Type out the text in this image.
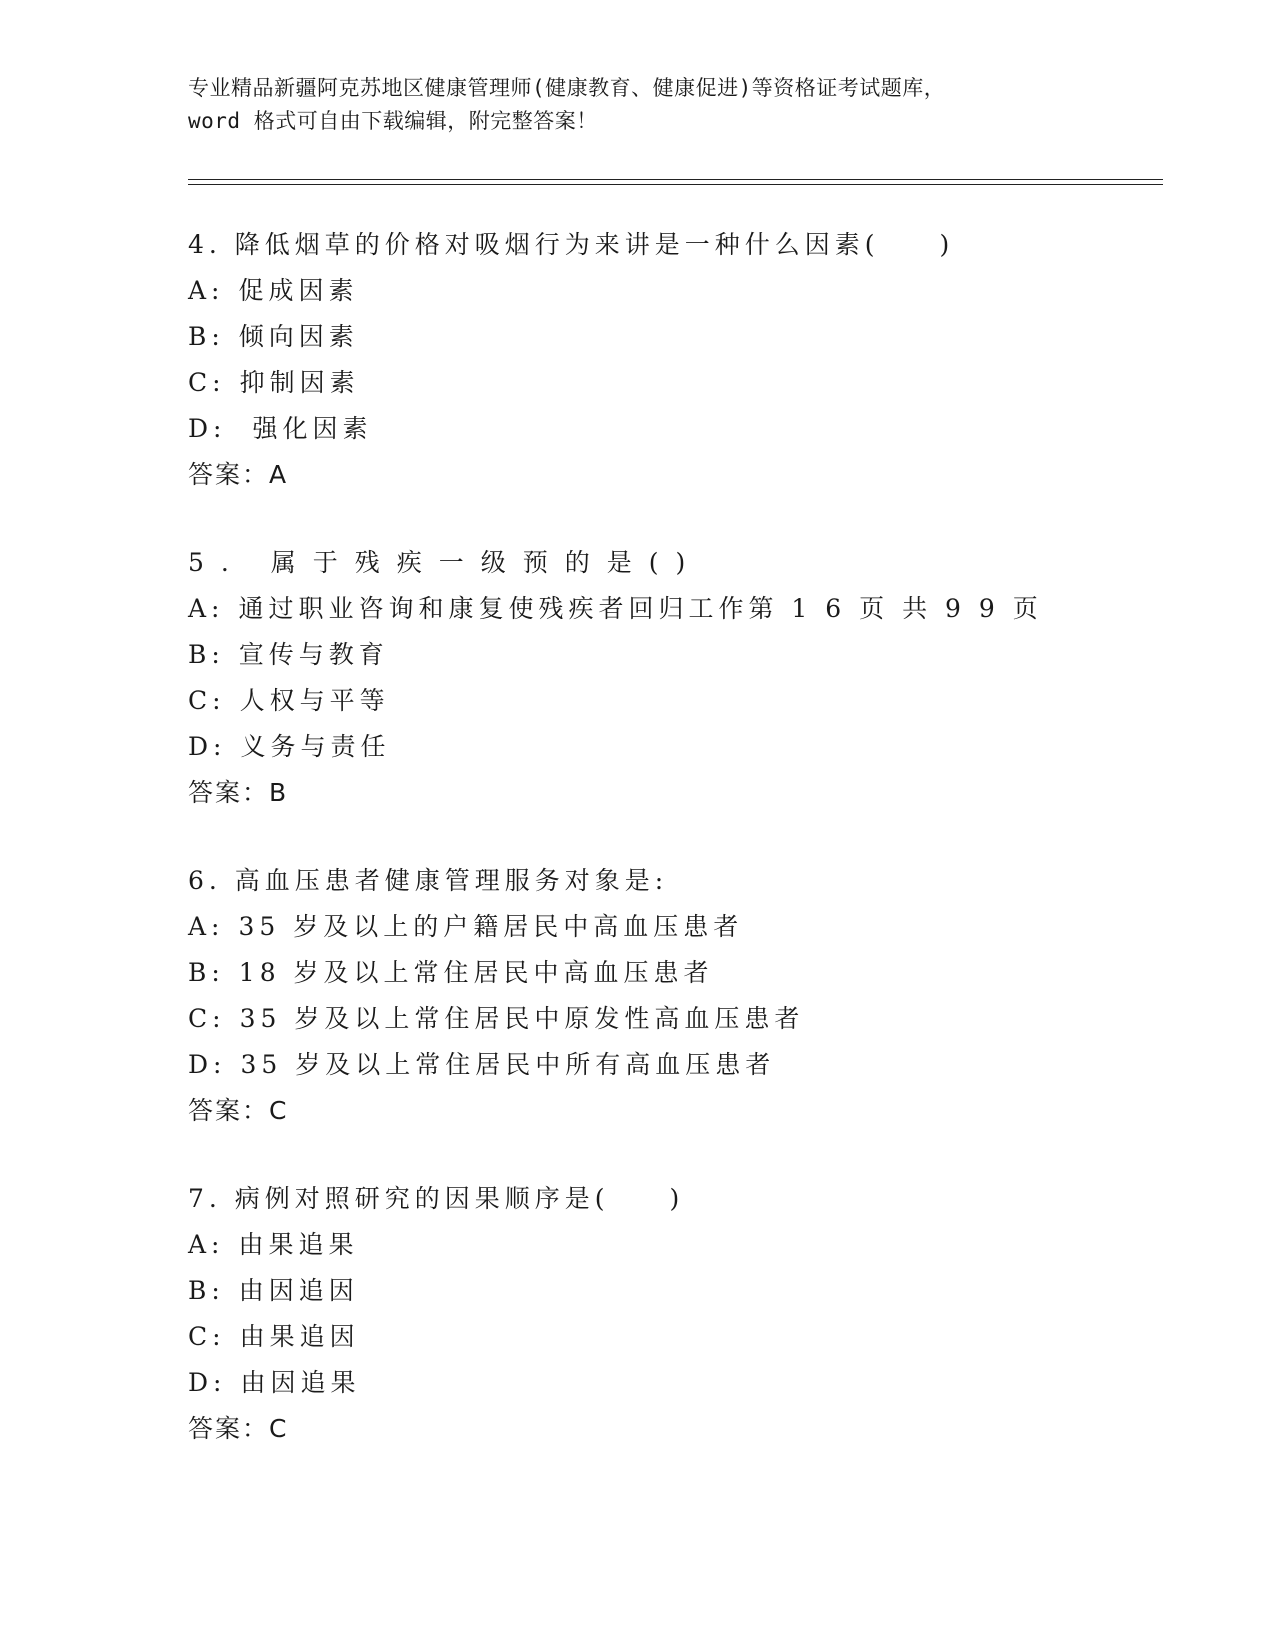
专业精品新疆阿克苏地区健康管理师(健康教育、健康促进)等资格证考试题库，
word 格式可自由下载编辑，附完整答案！
4. 降低烟草的价格对吸烟行为来讲是一种什么因素(　　)
A: 促成因素
B: 倾向因素
C: 抑制因素
D: 强化因素
答案：A
5. 属于残疾一级预的是()
A: 通过职业咨询和康复使残疾者回归工作第 1 6 页 共 9 9 页
B: 宣传与教育
C: 人权与平等
D: 义务与责任
答案：B
6. 高血压患者健康管理服务对象是:
A: 35 岁及以上的户籍居民中高血压患者
B: 18 岁及以上常住居民中高血压患者
C: 35 岁及以上常住居民中原发性高血压患者
D: 35 岁及以上常住居民中所有高血压患者
答案：C
7. 病例对照研究的因果顺序是(　　)
A: 由果追果
B: 由因追因
C: 由果追因
D: 由因追果
答案：C
